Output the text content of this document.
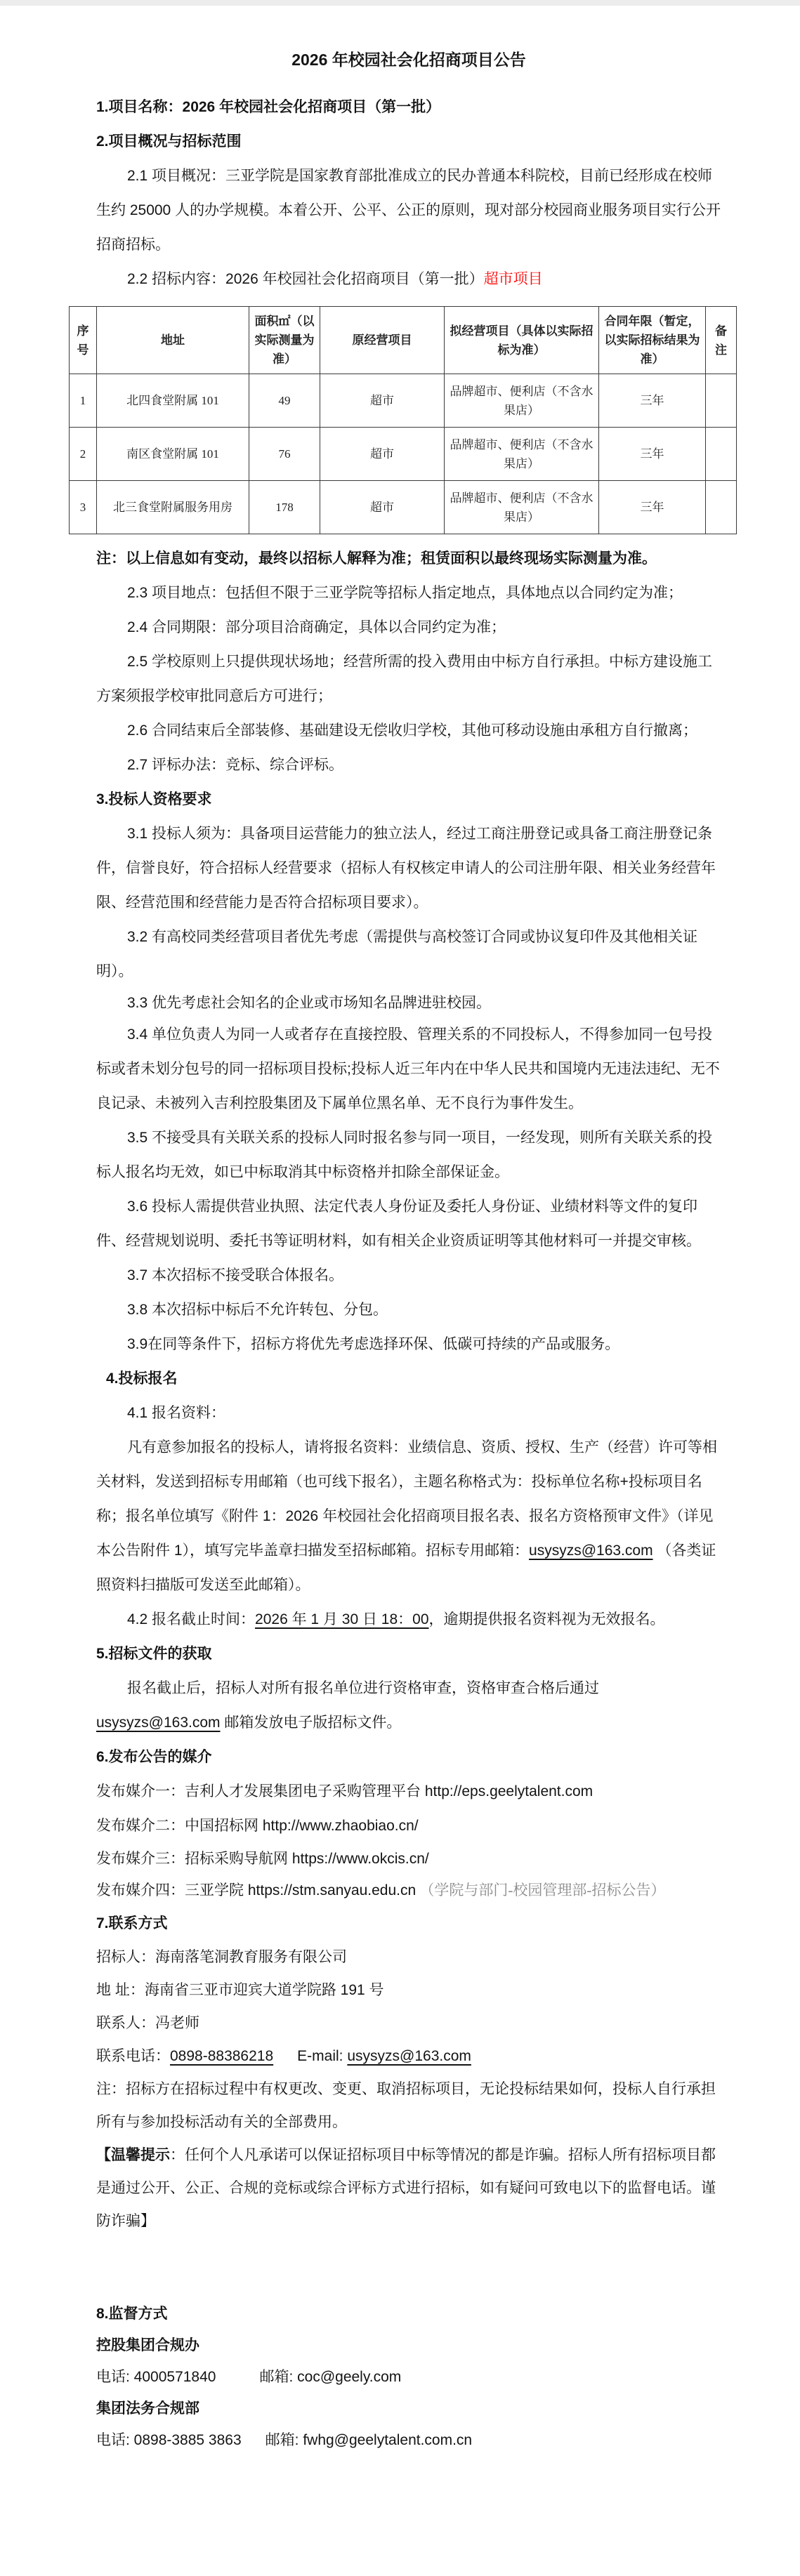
2026 年校园社会化招商项目公告

1.项目名称：2026 年校园社会化招商项目（第一批）

2.项目概况与招标范围

2.1 项目概况：三亚学院是国家教育部批准成立的民办普通本科院校，目前已经形成在校师生约 25000 人的办学规模。本着公开、公平、公正的原则，现对部分校园商业服务项目实行公开招商招标。

2.2 招标内容：2026 年校园社会化招商项目（第一批）超市项目

序号	地址	面积㎡（以实际测量为准）	原经营项目	拟经营项目（具体以实际招标为准）	合同年限（暂定，以实际招标结果为准）	备注
1	北四食堂附属 101	49	超市	品牌超市、便利店（不含水果店）	三年	
2	南区食堂附属 101	76	超市	品牌超市、便利店（不含水果店）	三年	
3	北三食堂附属服务用房	178	超市	品牌超市、便利店（不含水果店）	三年	

注：以上信息如有变动，最终以招标人解释为准；租赁面积以最终现场实际测量为准。

2.3 项目地点：包括但不限于三亚学院等招标人指定地点，具体地点以合同约定为准；

2.4 合同期限：部分项目洽商确定，具体以合同约定为准；

2.5 学校原则上只提供现状场地；经营所需的投入费用由中标方自行承担。中标方建设施工方案须报学校审批同意后方可进行；

2.6 合同结束后全部装修、基础建设无偿收归学校，其他可移动设施由承租方自行撤离；

2.7 评标办法：竞标、综合评标。

3.投标人资格要求

3.1 投标人须为：具备项目运营能力的独立法人，经过工商注册登记或具备工商注册登记条件，信誉良好，符合招标人经营要求（招标人有权核定申请人的公司注册年限、相关业务经营年限、经营范围和经营能力是否符合招标项目要求）。

3.2 有高校同类经营项目者优先考虑（需提供与高校签订合同或协议复印件及其他相关证明）。

3.3 优先考虑社会知名的企业或市场知名品牌进驻校园。

3.4 单位负责人为同一人或者存在直接控股、管理关系的不同投标人，不得参加同一包号投标或者未划分包号的同一招标项目投标;投标人近三年内在中华人民共和国境内无违法违纪、无不良记录、未被列入吉利控股集团及下属单位黑名单、无不良行为事件发生。

3.5 不接受具有关联关系的投标人同时报名参与同一项目，一经发现，则所有关联关系的投标人报名均无效，如已中标取消其中标资格并扣除全部保证金。

3.6 投标人需提供营业执照、法定代表人身份证及委托人身份证、业绩材料等文件的复印件、经营规划说明、委托书等证明材料，如有相关企业资质证明等其他材料可一并提交审核。

3.7 本次招标不接受联合体报名。

3.8 本次招标中标后不允许转包、分包。

3.9在同等条件下，招标方将优先考虑选择环保、低碳可持续的产品或服务。

4.投标报名

4.1 报名资料：

凡有意参加报名的投标人，请将报名资料：业绩信息、资质、授权、生产（经营）许可等相关材料，发送到招标专用邮箱（也可线下报名），主题名称格式为：投标单位名称+投标项目名称；报名单位填写《附件 1：2026 年校园社会化招商项目报名表、报名方资格预审文件》（详见本公告附件 1），填写完毕盖章扫描发至招标邮箱。招标专用邮箱：usysyzs@163.com （各类证照资料扫描版可发送至此邮箱）。

4.2 报名截止时间：2026 年 1 月 30 日 18：00，逾期提供报名资料视为无效报名。

5.招标文件的获取

报名截止后，招标人对所有报名单位进行资格审查，资格审查合格后通过 usysyzs@163.com 邮箱发放电子版招标文件。

6.发布公告的媒介

发布媒介一：吉利人才发展集团电子采购管理平台 http://eps.geelytalent.com

发布媒介二：中国招标网 http://www.zhaobiao.cn/

发布媒介三：招标采购导航网 https://www.okcis.cn/

发布媒介四：三亚学院 https://stm.sanyau.edu.cn （学院与部门-校园管理部-招标公告）

7.联系方式

招标人：海南落笔洞教育服务有限公司

地 址：海南省三亚市迎宾大道学院路 191 号

联系人：冯老师

联系电话：0898-88386218 E-mail: usysyzs@163.com

注：招标方在招标过程中有权更改、变更、取消招标项目，无论投标结果如何，投标人自行承担所有与参加投标活动有关的全部费用。

【温馨提示：任何个人凡承诺可以保证招标项目中标等情况的都是诈骗。招标人所有招标项目都是通过公开、公正、合规的竞标或综合评标方式进行招标，如有疑问可致电以下的监督电话。谨防诈骗】

8.监督方式

控股集团合规办

电话: 4000571840	邮箱: coc@geely.com

集团法务合规部

电话: 0898-3885 3863 邮箱: fwhg@geelytalent.com.cn
